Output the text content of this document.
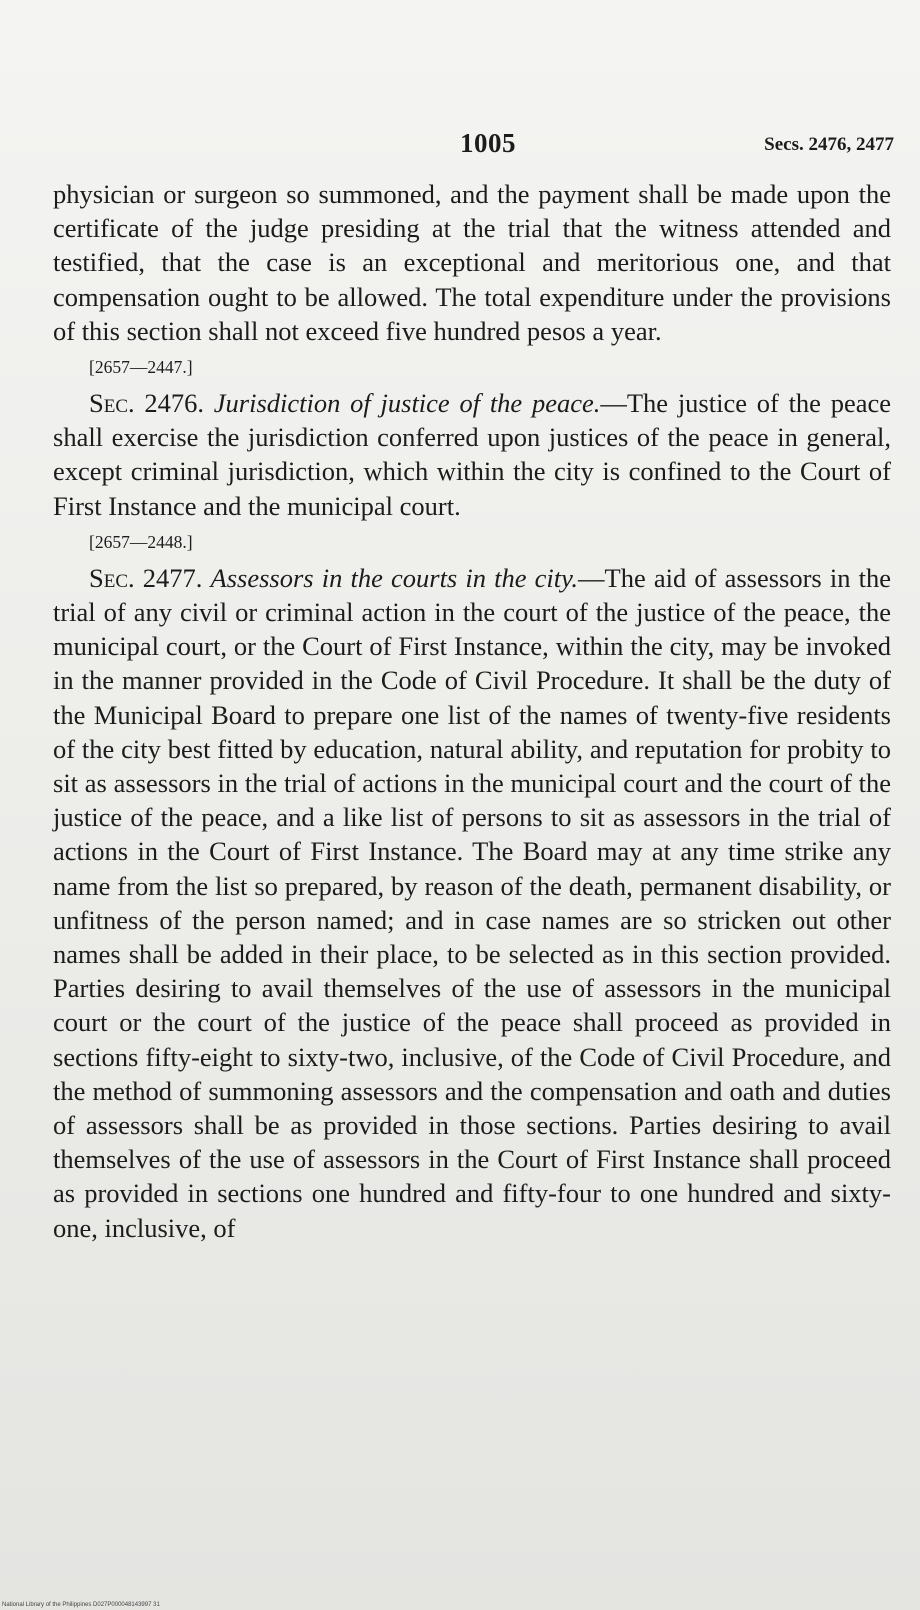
1005	Secs. 2476, 2477

physician or surgeon so summoned, and the payment shall be made upon the certificate of the judge presiding at the trial that the witness attended and testified, that the case is an exceptional and meritorious one, and that compensation ought to be allowed. The total expenditure under the provisions of this section shall not exceed five hundred pesos a year.

[2657—2447.]

Sec. 2476. Jurisdiction of justice of the peace.—The justice of the peace shall exercise the jurisdiction conferred upon justices of the peace in general, except criminal jurisdiction, which within the city is confined to the Court of First Instance and the municipal court.

[2657—2448.]

Sec. 2477. Assessors in the courts in the city.—The aid of assessors in the trial of any civil or criminal action in the court of the justice of the peace, the municipal court, or the Court of First Instance, within the city, may be invoked in the manner provided in the Code of Civil Procedure. It shall be the duty of the Municipal Board to prepare one list of the names of twenty-five residents of the city best fitted by education, natural ability, and reputation for probity to sit as assessors in the trial of actions in the municipal court and the court of the justice of the peace, and a like list of persons to sit as assessors in the trial of actions in the Court of First Instance. The Board may at any time strike any name from the list so prepared, by reason of the death, permanent disability, or unfitness of the person named; and in case names are so stricken out other names shall be added in their place, to be selected as in this section provided. Parties desiring to avail themselves of the use of assessors in the municipal court or the court of the justice of the peace shall proceed as provided in sections fifty-eight to sixty-two, inclusive, of the Code of Civil Procedure, and the method of summoning assessors and the compensation and oath and duties of assessors shall be as provided in those sections. Parties desiring to avail themselves of the use of assessors in the Court of First Instance shall proceed as provided in sections one hundred and fifty-four to one hundred and sixty-one, inclusive, of

National Library of the Philippines D027P000048143997 31
